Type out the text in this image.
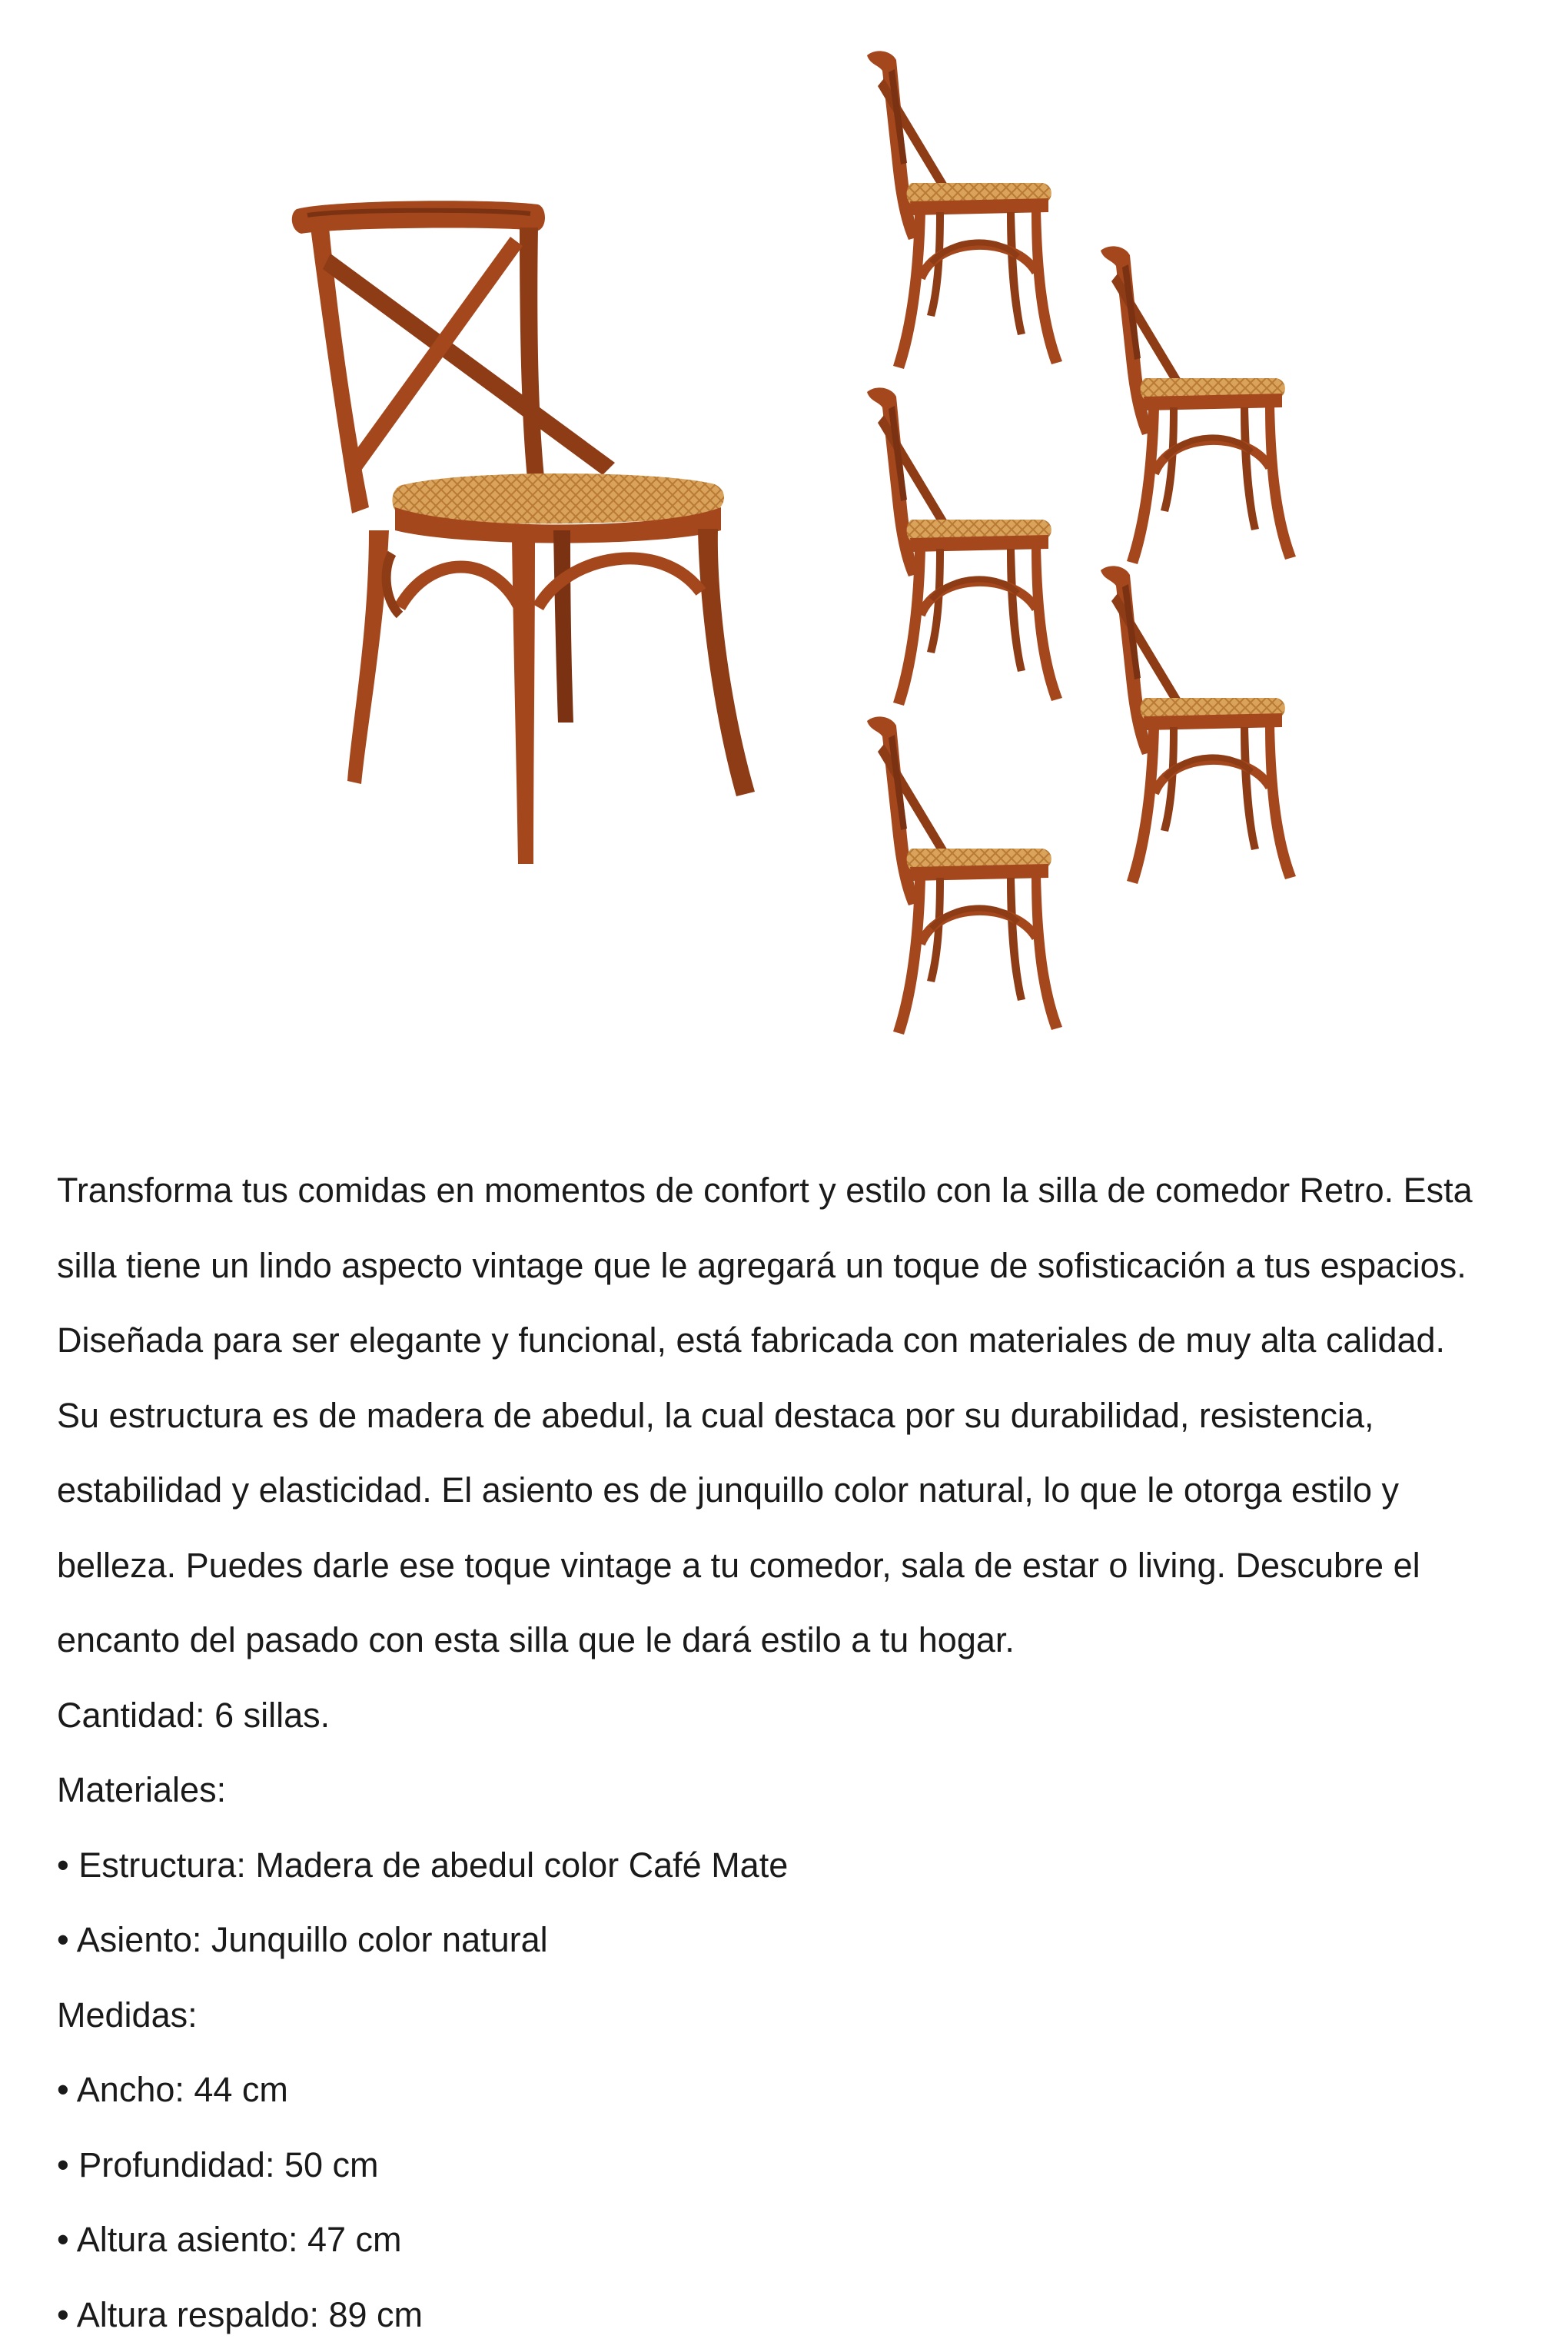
Transforma tus comidas en momentos de confort y estilo con la silla de comedor Retro. Esta
silla tiene un lindo aspecto vintage que le agregará un toque de sofisticación a tus espacios.
Diseñada para ser elegante y funcional, está fabricada con materiales de muy alta calidad.
Su estructura es de madera de abedul, la cual destaca por su durabilidad, resistencia,
estabilidad y elasticidad. El asiento es de junquillo color natural, lo que le otorga estilo y
belleza. Puedes darle ese toque vintage a tu comedor, sala de estar o living. Descubre el
encanto del pasado con esta silla que le dará estilo a tu hogar.
Cantidad: 6 sillas.
Materiales:
• Estructura: Madera de abedul color Café Mate
• Asiento: Junquillo color natural
Medidas:
• Ancho: 44 cm
• Profundidad: 50 cm
• Altura asiento: 47 cm
• Altura respaldo: 89 cm
